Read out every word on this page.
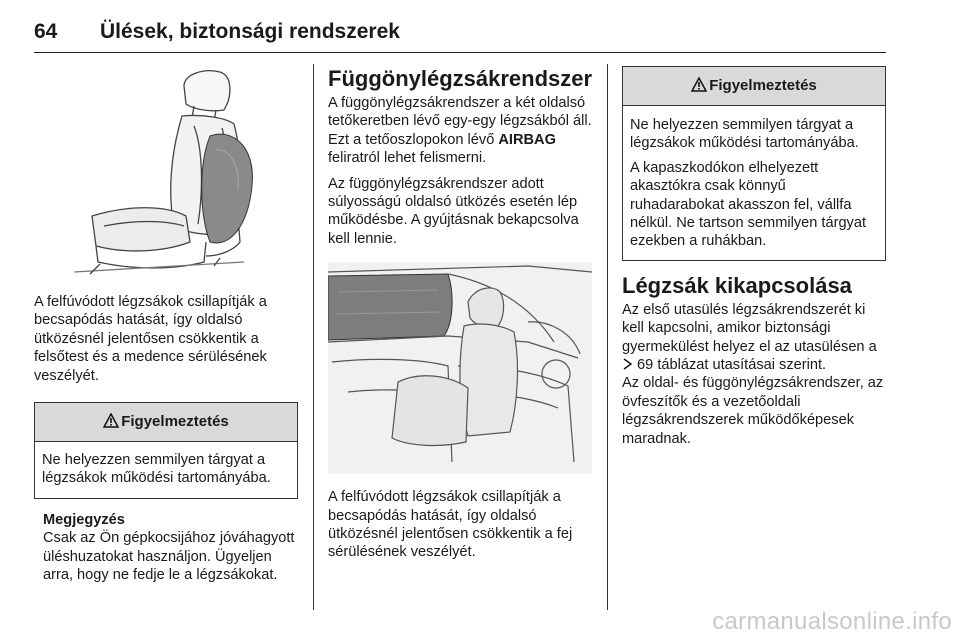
64 Ülések, biztonsági rendszerek

A felfúvódott légzsákok csillapítják a becsapódás hatását, így oldalsó ütközésnél jelentősen csökkentik a felsőtest és a medence sérülésének veszélyét.

Figyelmeztetés

Ne helyezzen semmilyen tárgyat a légzsákok működési tartományába.

Megjegyzés

Csak az Ön gépkocsijához jóváhagyott üléshuzatokat használjon. Ügyeljen arra, hogy ne fedje le a légzsákokat.

Függönylégzsákrendszer

A függönylégzsákrendszer a két oldalsó tetőkeretben lévő egy-egy légzsákból áll. Ezt a tetőoszlopokon lévő AIRBAG feliratról lehet felismerni.

Az függönylégzsákrendszer adott súlyosságú oldalsó ütközés esetén lép működésbe. A gyújtásnak bekapcsolva kell lennie.

A felfúvódott légzsákok csillapítják a becsapódás hatását, így oldalsó ütközésnél jelentősen csökkentik a fej sérülésének veszélyét.

Figyelmeztetés

Ne helyezzen semmilyen tárgyat a légzsákok működési tartományába.

A kapaszkodókon elhelyezett akasztókra csak könnyű ruhadarabokat akasszon fel, vállfa nélkül. Ne tartson semmilyen tárgyat ezekben a ruhákban.

Légzsák kikapcsolása

Az első utasülés légzsákrendszerét ki kell kapcsolni, amikor biztonsági gyermekülést helyez el az utasülésen a  69 táblázat utasításai szerint.

Az oldal- és függönylégzsákrendszer, az övfeszítők és a vezetőoldali légzsákrendszerek működőképesek maradnak.

carmanualsonline.info
